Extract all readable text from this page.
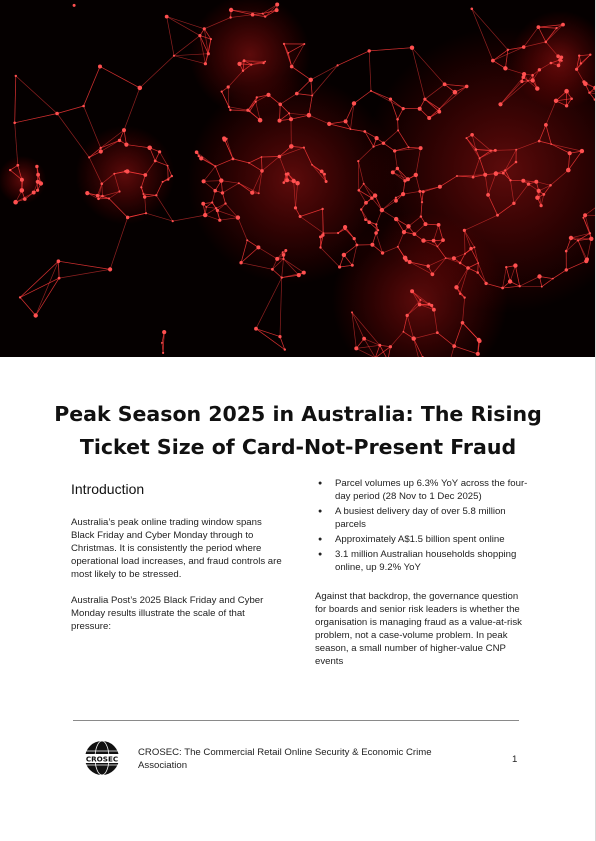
Peak Season 2025 in Australia: The Rising Ticket Size of Card-Not-Present Fraud
Introduction

Australia’s peak online trading window spans Black Friday and Cyber Monday through to Christmas. It is consistently the period where operational load increases, and fraud controls are most likely to be stressed.

Australia Post’s 2025 Black Friday and Cyber Monday results illustrate the scale of that pressure:

● Parcel volumes up 6.3% YoY across the four-day period (28 Nov to 1 Dec 2025)
● A busiest delivery day of over 5.8 million parcels
● Approximately A$1.5 billion spent online
● 3.1 million Australian households shopping online, up 9.2% YoY

Against that backdrop, the governance question for boards and senior risk leaders is whether the organisation is managing fraud as a value-at-risk problem, not a case-volume problem. In peak season, a small number of higher-value CNP events

CROSEC
CROSEC: The Commercial Retail Online Security & Economic Crime Association	1
